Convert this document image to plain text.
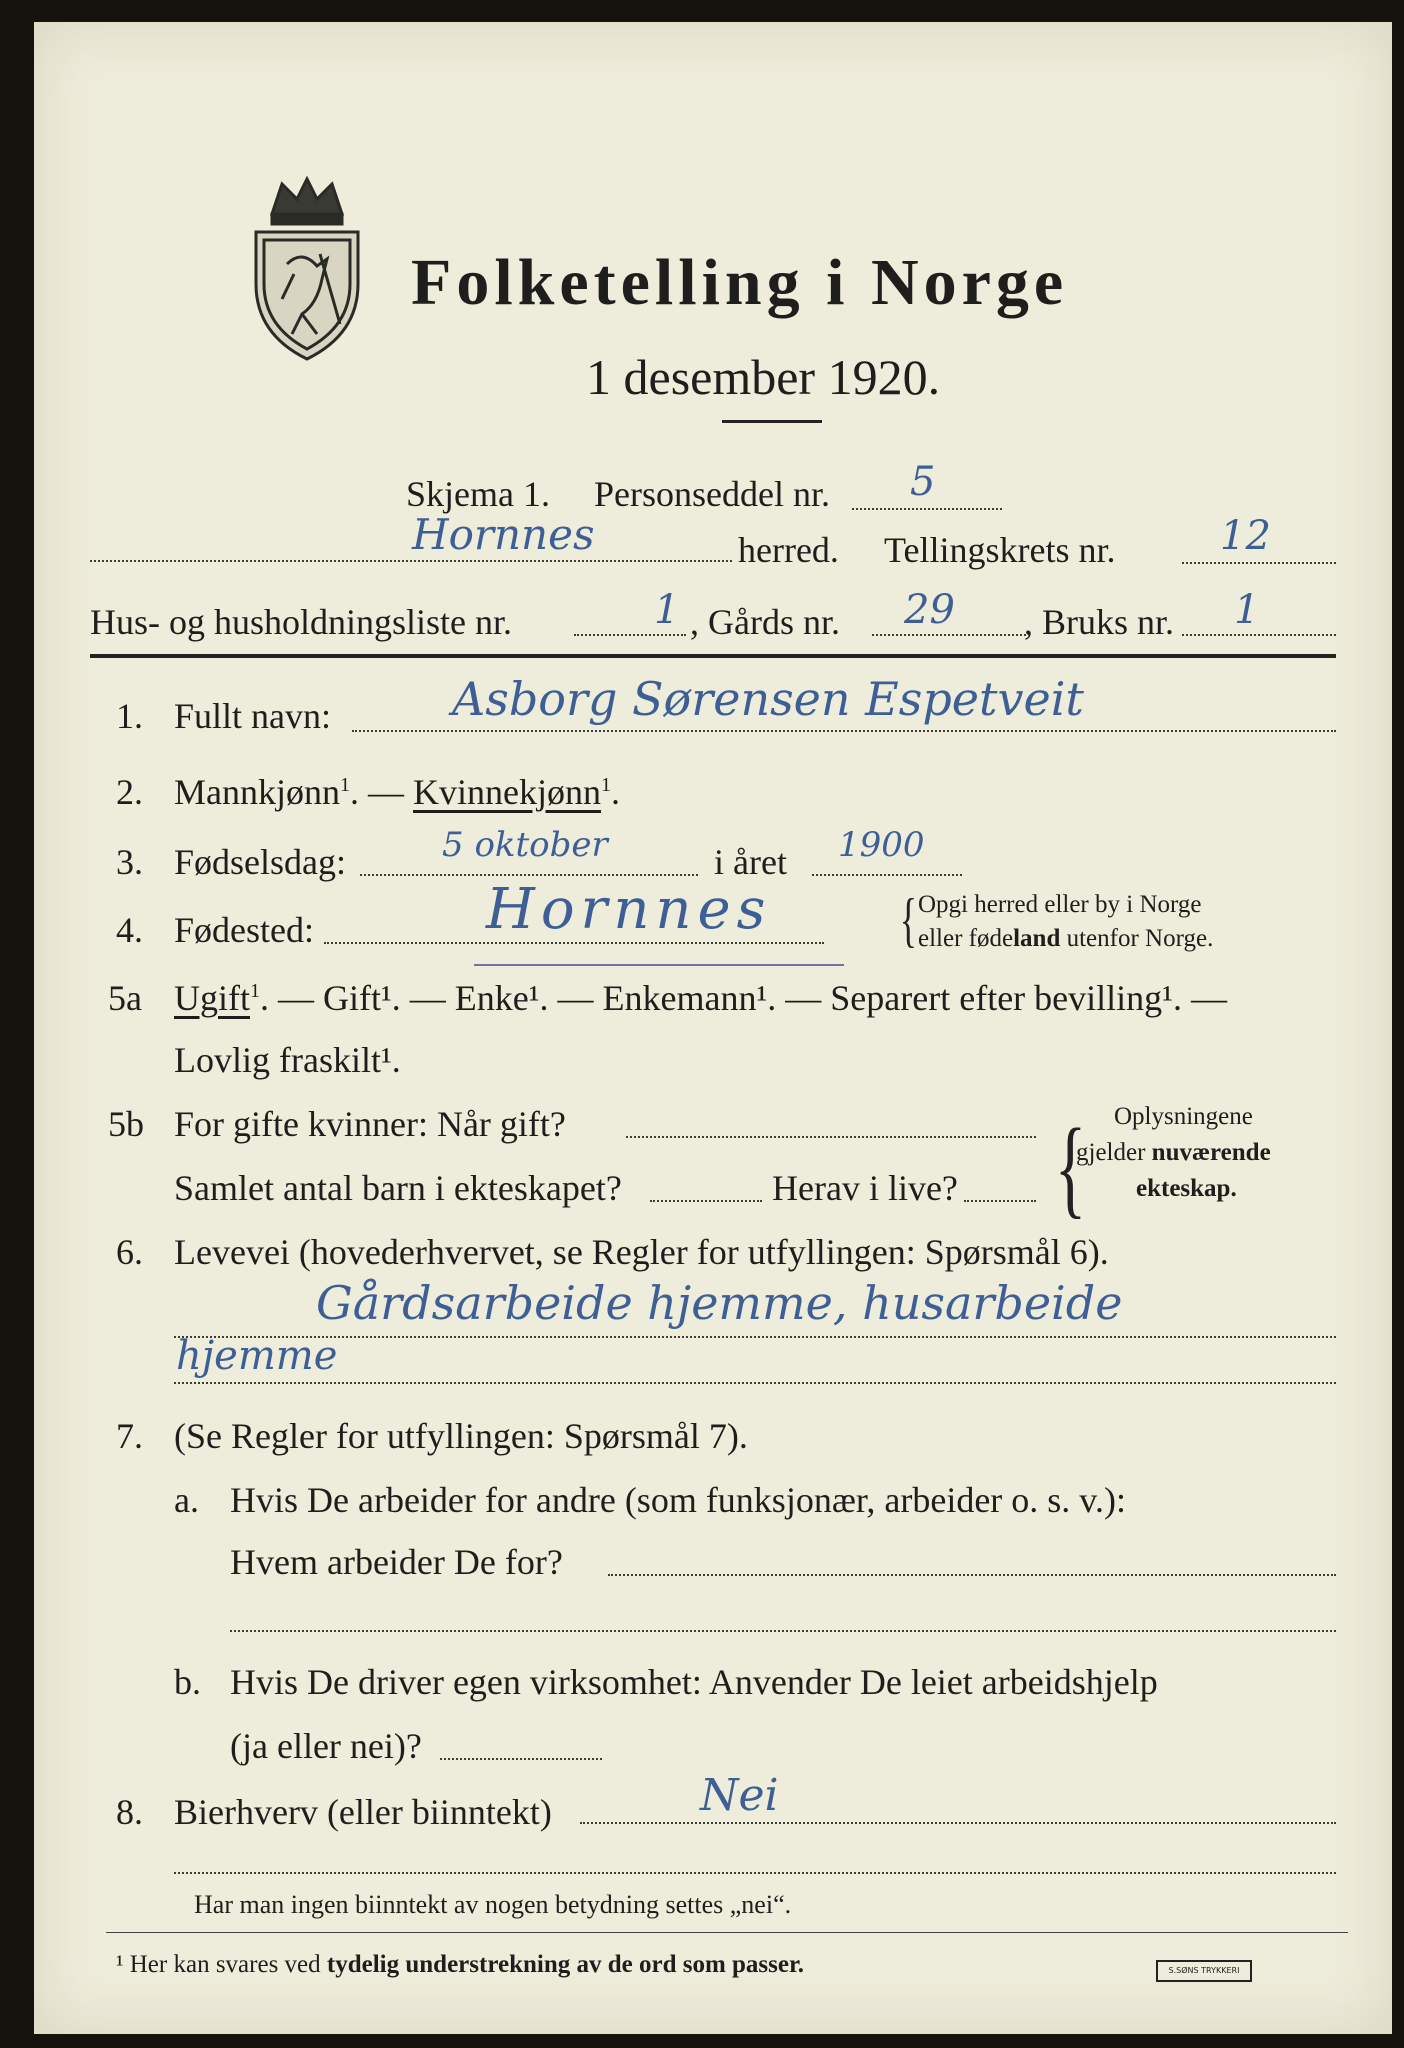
Folketelling i Norge
1 desember 1920.
Skjema 1. Personseddel nr. 5
Hornnes	herred. Tellingskrets nr.	12
Hus- og husholdningsliste nr.	1 , Gårds nr. 29 , Bruks nr. 1
1. Fullt navn:	Asborg Sørensen Espetveit
2. Mannkjønn$^1$. — Kvinnekjønn$^1$.
3. Fødselsdag:	5 oktober	i året 1900
4. Fødested:	Hornnes { Opgi herred eller by i Norge
eller fødeland utenfor Norge.
5a Ugift$^1$. — Gift¹. — Enke¹. — Enkemann¹. — Separert efter bevilling¹. —
Lovlig fraskilt¹.
5b For gifte kvinner: Når gift?
Samlet antal barn i ekteskapet?	Herav i live? { Oplysningene
gjelder nuværende
ekteskap.
6. Levevei (hovederhvervet, se Regler for utfyllingen: Spørsmål 6).
Gårdsarbeide hjemme, husarbeide
hjemme
7. (Se Regler for utfyllingen: Spørsmål 7).
a. Hvis De arbeider for andre (som funksjonær, arbeider o. s. v.):
Hvem arbeider De for?
b. Hvis De driver egen virksomhet: Anvender De leiet arbeidshjelp
(ja eller nei)?
8. Bierhverv (eller biinntekt)	Nei
Har man ingen biinntekt av nogen betydning settes „nei“.
¹ Her kan svares ved tydelig understrekning av de ord som passer.	S.SØNS TRYKKERI
